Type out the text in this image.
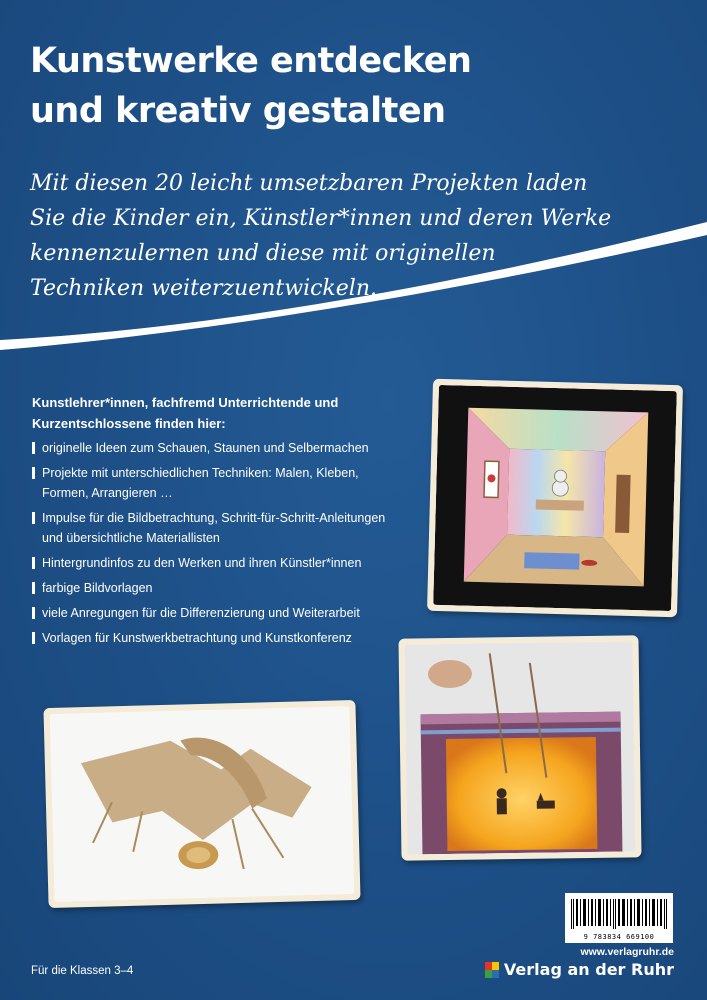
Kunstwerke entdecken
und kreativ gestalten

Mit diesen 20 leicht umsetzbaren Projekten laden
Sie die Kinder ein, Künstler*innen und deren Werke
kennenzulernen und diese mit originellen
Techniken weiterzuentwickeln.

Kunstlehrer*innen, fachfremd Unterrichtende und
Kurzentschlossene finden hier:

originelle Ideen zum Schauen, Staunen und Selbermachen
Projekte mit unterschiedlichen Techniken: Malen, Kleben,
Formen, Arrangieren …
Impulse für die Bildbetrachtung, Schritt-für-Schritt-Anleitungen
und übersichtliche Materiallisten
Hintergrundinfos zu den Werken und ihren Künstler*innen
farbige Bildvorlagen
viele Anregungen für die Differenzierung und Weiterarbeit
Vorlagen für Kunstwerkbetrachtung und Kunstkonferenz
9 783834 669100
www.verlagruhr.de
Verlag an der Ruhr
Für die Klassen 3–4
